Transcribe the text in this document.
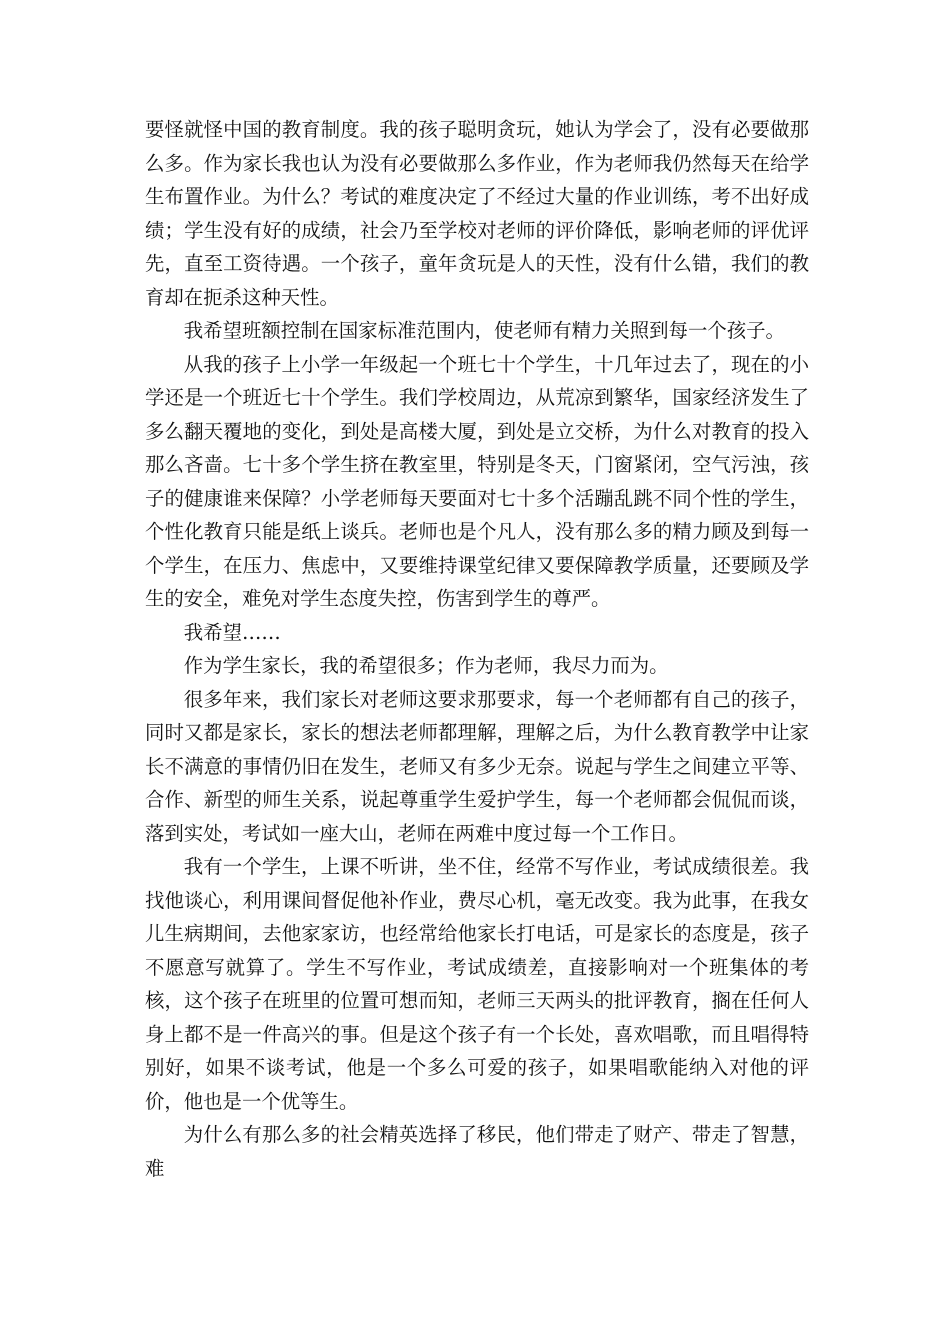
要怪就怪中国的教育制度。我的孩子聪明贪玩，她认为学会了，没有必要做那么多。作为家长我也认为没有必要做那么多作业，作为老师我仍然每天在给学生布置作业。为什么？考试的难度决定了不经过大量的作业训练，考不出好成绩；学生没有好的成绩，社会乃至学校对老师的评价降低，影响老师的评优评先，直至工资待遇。一个孩子，童年贪玩是人的天性，没有什么错，我们的教育却在扼杀这种天性。

我希望班额控制在国家标准范围内，使老师有精力关照到每一个孩子。

从我的孩子上小学一年级起一个班七十个学生，十几年过去了，现在的小学还是一个班近七十个学生。我们学校周边，从荒凉到繁华，国家经济发生了多么翻天覆地的变化，到处是高楼大厦，到处是立交桥，为什么对教育的投入那么吝啬。七十多个学生挤在教室里，特别是冬天，门窗紧闭，空气污浊，孩子的健康谁来保障？小学老师每天要面对七十多个活蹦乱跳不同个性的学生，个性化教育只能是纸上谈兵。老师也是个凡人，没有那么多的精力顾及到每一个学生，在压力、焦虑中，又要维持课堂纪律又要保障教学质量，还要顾及学生的安全，难免对学生态度失控，伤害到学生的尊严。

我希望……

作为学生家长，我的希望很多；作为老师，我尽力而为。

很多年来，我们家长对老师这要求那要求，每一个老师都有自己的孩子，同时又都是家长，家长的想法老师都理解，理解之后，为什么教育教学中让家长不满意的事情仍旧在发生，老师又有多少无奈。说起与学生之间建立平等、合作、新型的师生关系，说起尊重学生爱护学生，每一个老师都会侃侃而谈，落到实处，考试如一座大山，老师在两难中度过每一个工作日。

我有一个学生，上课不听讲，坐不住，经常不写作业，考试成绩很差。我找他谈心，利用课间督促他补作业，费尽心机，毫无改变。我为此事，在我女儿生病期间，去他家家访，也经常给他家长打电话，可是家长的态度是，孩子不愿意写就算了。学生不写作业，考试成绩差，直接影响对一个班集体的考核，这个孩子在班里的位置可想而知，老师三天两头的批评教育，搁在任何人身上都不是一件高兴的事。但是这个孩子有一个长处，喜欢唱歌，而且唱得特别好，如果不谈考试，他是一个多么可爱的孩子，如果唱歌能纳入对他的评价，他也是一个优等生。

为什么有那么多的社会精英选择了移民，他们带走了财产、带走了智慧，难
